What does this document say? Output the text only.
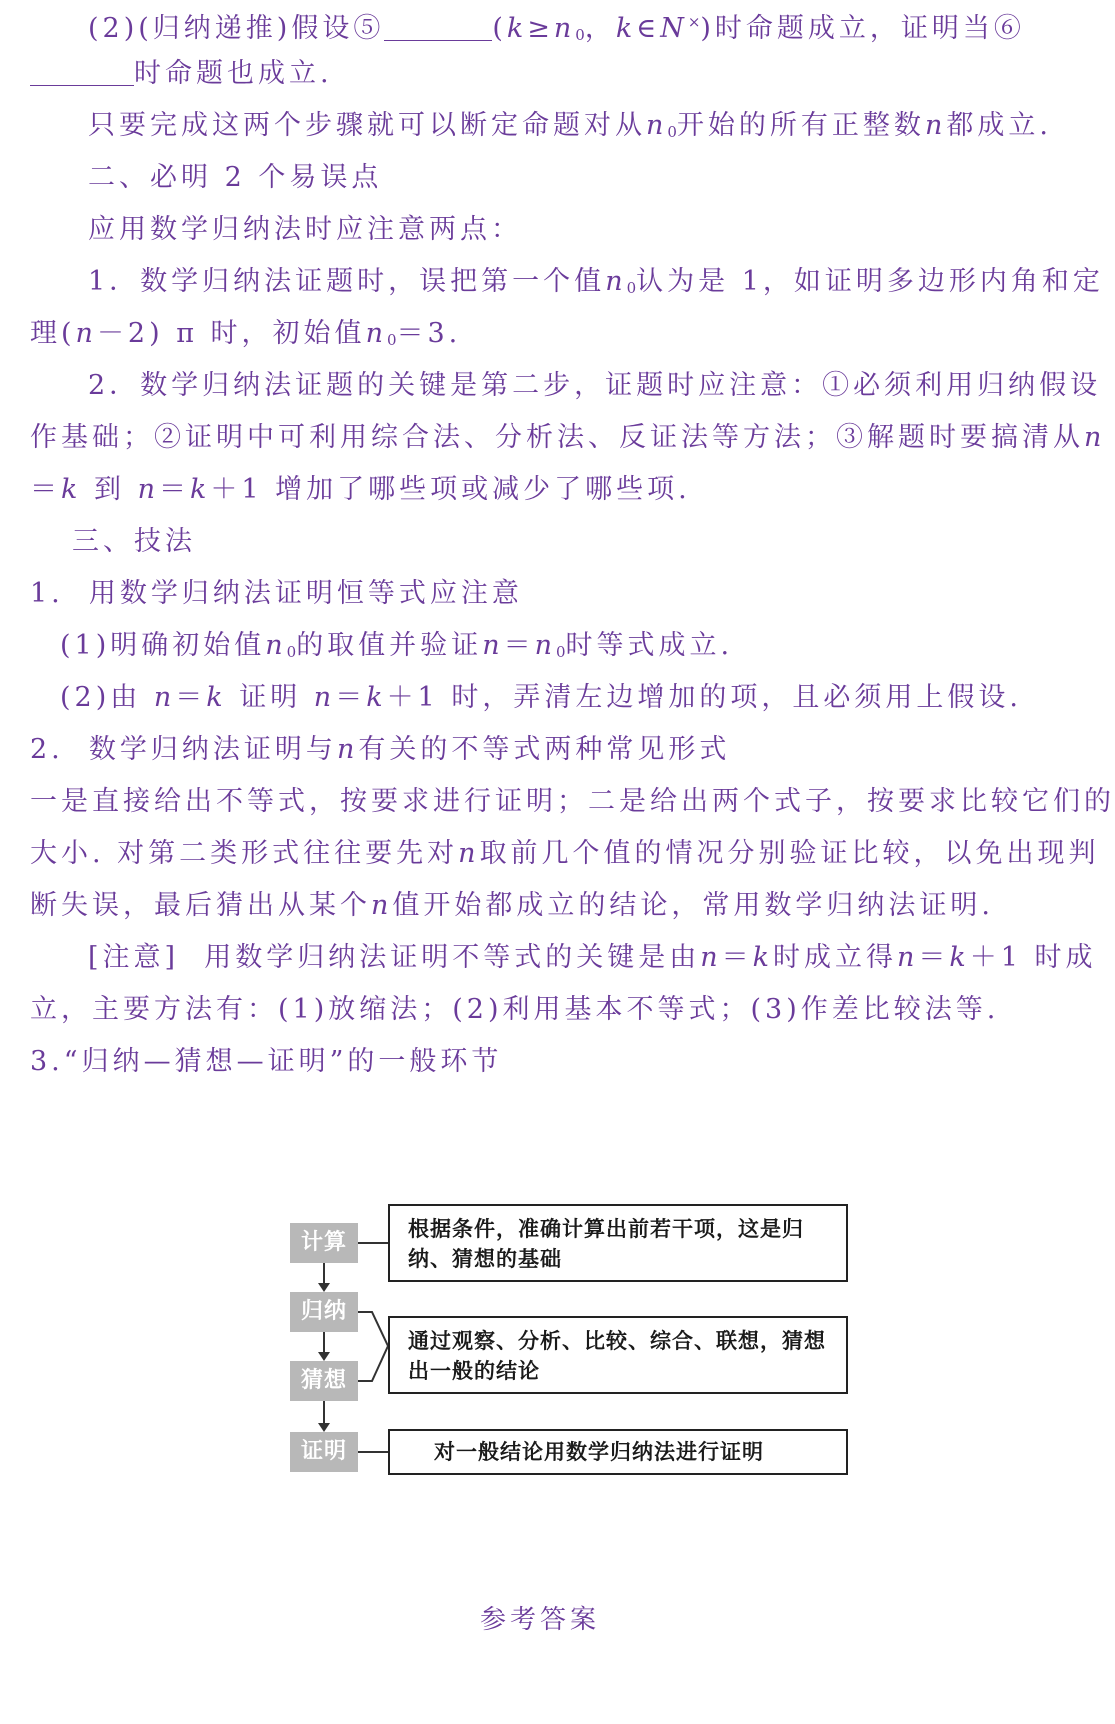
(2)(归纳递推)假设⑤	($k\ge n_0$，k∈N×)时命题成立，证明当⑥
时命题也成立.
只要完成这两个步骤就可以断定命题对从$n_0$开始的所有正整数n都成立.
二、必明 2 个易误点
应用数学归纳法时应注意两点：
1．数学归纳法证题时，误把第一个值$n_0$认为是 1，如证明多边形内角和定
理(n－2) π 时，初始值$n_0=3$.
2．数学归纳法证题的关键是第二步，证题时应注意：①必须利用归纳假设
作基础；②证明中可利用综合法、分析法、反证法等方法；③解题时要搞清从n
＝k 到 n＝k＋1 增加了哪些项或减少了哪些项.
三、技法
1.  用数学归纳法证明恒等式应注意
(1)明确初始值$n_0$的取值并验证$n=n_0$时等式成立.
(2)由 n＝k 证明 n＝k＋1 时，弄清左边增加的项，且必须用上假设.
2.  数学归纳法证明与n有关的不等式两种常见形式
一是直接给出不等式，按要求进行证明；二是给出两个式子，按要求比较它们的
大小. 对第二类形式往往要先对n取前几个值的情况分别验证比较，以免出现判
断失误，最后猜出从某个n值开始都成立的结论，常用数学归纳法证明.
[注意]  用数学归纳法证明不等式的关键是由n＝k时成立得n＝k＋1 时成
立，主要方法有：(1)放缩法；(2)利用基本不等式；(3)作差比较法等.
3.“归纳—猜想—证明”的一般环节
计算
归纳
猜想
证明
根据条件，准确计算出前若干项，这是归纳、猜想的基础
通过观察、分析、比较、综合、联想，猜想出一般的结论
对一般结论用数学归纳法进行证明
参考答案
